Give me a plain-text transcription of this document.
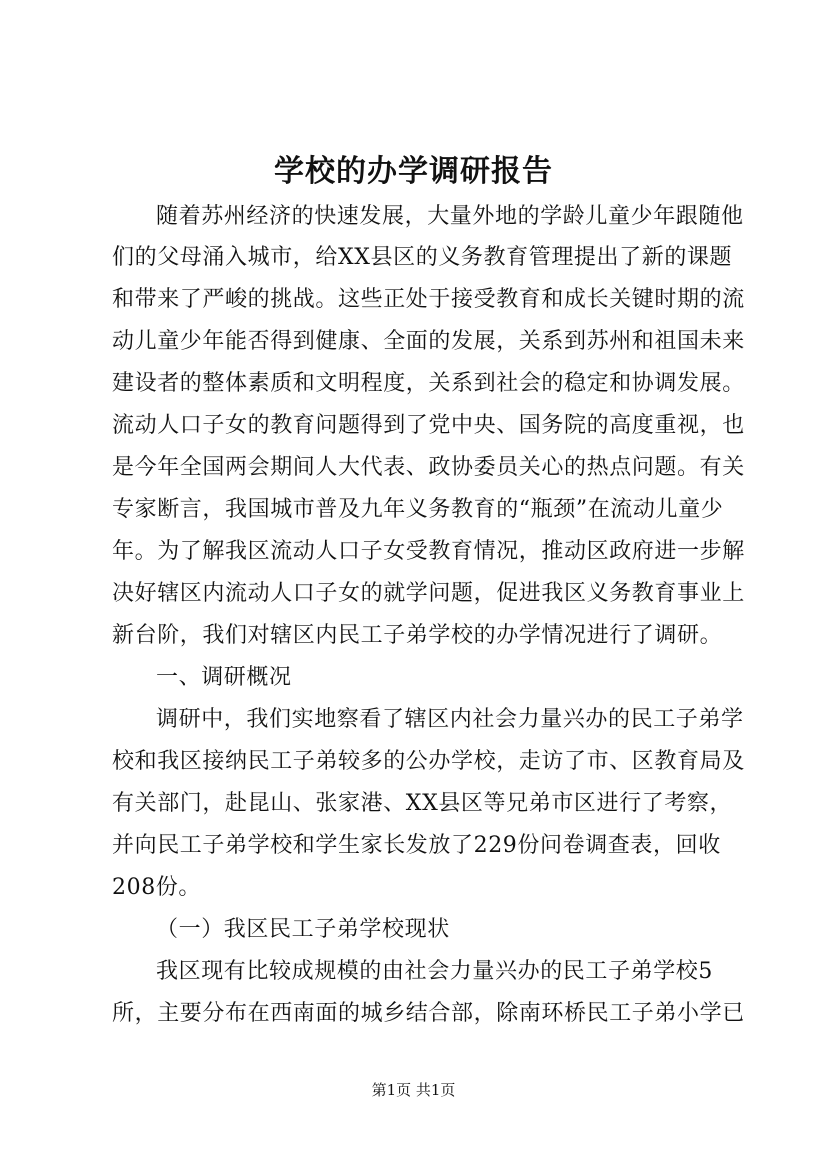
学校的办学调研报告
随着苏州经济的快速发展，大量外地的学龄儿童少年跟随他
们的父母涌入城市，给XX县区的义务教育管理提出了新的课题
和带来了严峻的挑战。这些正处于接受教育和成长关键时期的流
动儿童少年能否得到健康、全面的发展，关系到苏州和祖国未来
建设者的整体素质和文明程度，关系到社会的稳定和协调发展。
流动人口子女的教育问题得到了党中央、国务院的高度重视，也
是今年全国两会期间人大代表、政协委员关心的热点问题。有关
专家断言，我国城市普及九年义务教育的“瓶颈”在流动儿童少
年。为了解我区流动人口子女受教育情况，推动区政府进一步解
决好辖区内流动人口子女的就学问题，促进我区义务教育事业上
新台阶，我们对辖区内民工子弟学校的办学情况进行了调研。
一、调研概况
调研中，我们实地察看了辖区内社会力量兴办的民工子弟学
校和我区接纳民工子弟较多的公办学校，走访了市、区教育局及
有关部门，赴昆山、张家港、XX县区等兄弟市区进行了考察，
并向民工子弟学校和学生家长发放了229份问卷调查表，回收
208份。
（一）我区民工子弟学校现状
我区现有比较成规模的由社会力量兴办的民工子弟学校5
所，主要分布在西南面的城乡结合部，除南环桥民工子弟小学已
第1页 共1页
